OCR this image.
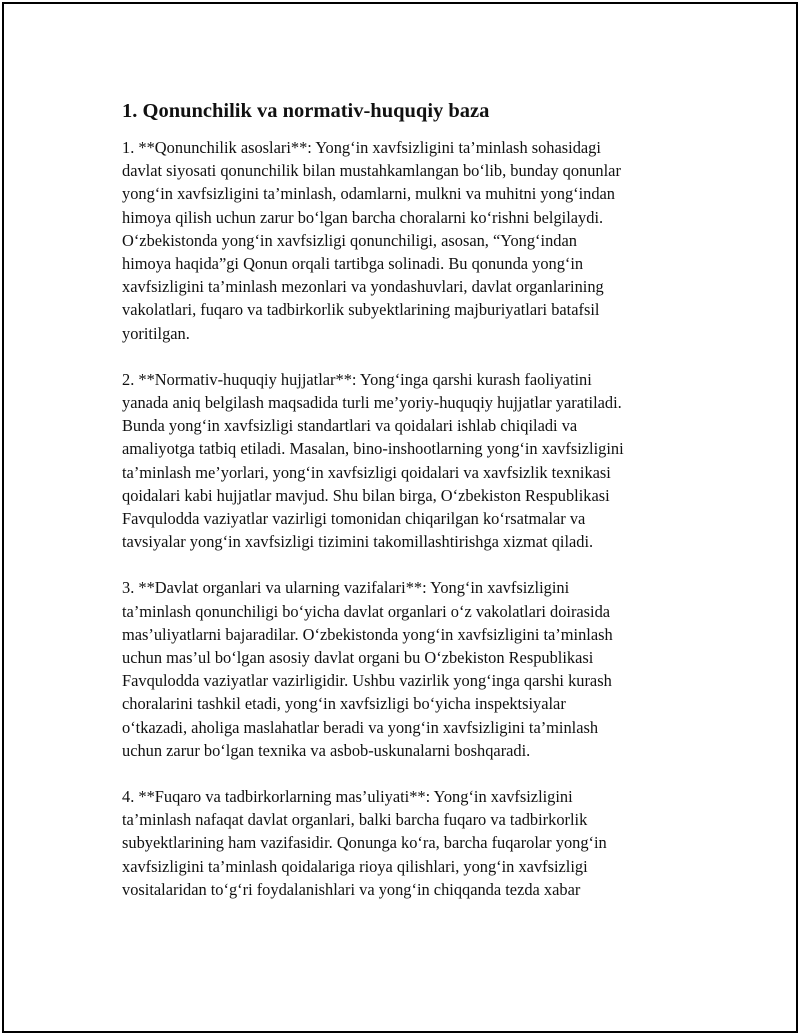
1. Qonunchilik va normativ-huquqiy baza
1. **Qonunchilik asoslari**: Yong‘in xavfsizligini ta’minlash sohasidagi
davlat siyosati qonunchilik bilan mustahkamlangan bo‘lib, bunday qonunlar
yong‘in xavfsizligini ta’minlash, odamlarni, mulkni va muhitni yong‘indan
himoya qilish uchun zarur bo‘lgan barcha choralarni ko‘rishni belgilaydi.
O‘zbekistonda yong‘in xavfsizligi qonunchiligi, asosan, “Yong‘indan
himoya haqida”gi Qonun orqali tartibga solinadi. Bu qonunda yong‘in
xavfsizligini ta’minlash mezonlari va yondashuvlari, davlat organlarining
vakolatlari, fuqaro va tadbirkorlik subyektlarining majburiyatlari batafsil
yoritilgan.
2. **Normativ-huquqiy hujjatlar**: Yong‘inga qarshi kurash faoliyatini
yanada aniq belgilash maqsadida turli me’yoriy-huquqiy hujjatlar yaratiladi.
Bunda yong‘in xavfsizligi standartlari va qoidalari ishlab chiqiladi va
amaliyotga tatbiq etiladi. Masalan, bino-inshootlarning yong‘in xavfsizligini
ta’minlash me’yorlari, yong‘in xavfsizligi qoidalari va xavfsizlik texnikasi
qoidalari kabi hujjatlar mavjud. Shu bilan birga, O‘zbekiston Respublikasi
Favqulodda vaziyatlar vazirligi tomonidan chiqarilgan ko‘rsatmalar va
tavsiyalar yong‘in xavfsizligi tizimini takomillashtirishga xizmat qiladi.
3. **Davlat organlari va ularning vazifalari**: Yong‘in xavfsizligini
ta’minlash qonunchiligi bo‘yicha davlat organlari o‘z vakolatlari doirasida
mas’uliyatlarni bajaradilar. O‘zbekistonda yong‘in xavfsizligini ta’minlash
uchun mas’ul bo‘lgan asosiy davlat organi bu O‘zbekiston Respublikasi
Favqulodda vaziyatlar vazirligidir. Ushbu vazirlik yong‘inga qarshi kurash
choralarini tashkil etadi, yong‘in xavfsizligi bo‘yicha inspektsiyalar
o‘tkazadi, aholiga maslahatlar beradi va yong‘in xavfsizligini ta’minlash
uchun zarur bo‘lgan texnika va asbob-uskunalarni boshqaradi.
4. **Fuqaro va tadbirkorlarning mas’uliyati**: Yong‘in xavfsizligini
ta’minlash nafaqat davlat organlari, balki barcha fuqaro va tadbirkorlik
subyektlarining ham vazifasidir. Qonunga ko‘ra, barcha fuqarolar yong‘in
xavfsizligini ta’minlash qoidalariga rioya qilishlari, yong‘in xavfsizligi
vositalaridan to‘g‘ri foydalanishlari va yong‘in chiqqanda tezda xabar
